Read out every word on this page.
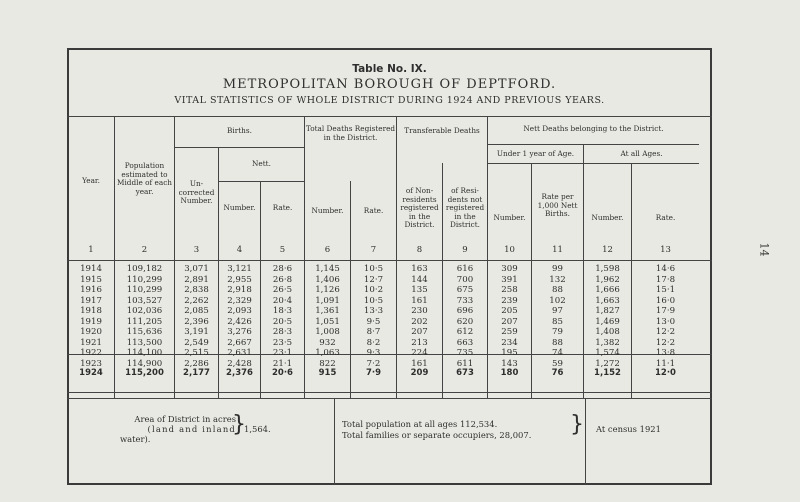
Table No. IX.
METROPOLITAN BOROUGH OF DEPTFORD.
VITAL STATISTICS OF WHOLE DISTRICT DURING 1924 AND PREVIOUS YEARS.
Year.
Population estimated to Middle of each year.
Births.
Un- corrected Number.
Nett.
Number.	Rate.
Total Deaths Registered in the District.
Number.	Rate.
Transferable Deaths
of Non- residents registered in the District.
of Resi- dents not registered in the District.
Nett Deaths belonging to the District.
Under 1 year of Age.	At all Ages.
Number.
Rate per 1,000 Nett Births.	Number.	Rate.
1	2	3	4	5	6	7	8	9	10	11	12	13
1914	109,182	3,071	3,121	28·6	1,145	10·5	163	616	309	99	1,598	14·6
1915	110,299	2,891	2,955	26·8	1,406	12·7	144	700	391	132	1,962	17·8
1916	110,299	2,838	2,918	26·5	1,126	10·2	135	675	258	88	1,666	15·1
1917	103,527	2,262	2,329	20·4	1,091	10·5	161	733	239	102	1,663	16·0
1918	102,036	2,085	2,093	18·3	1,361	13·3	230	696	205	97	1,827	17·9
1919	111,205	2,396	2,426	20·5	1,051	9·5	202	620	207	85	1,469	13·0
1920	115,636	3,191	3,276	28·3	1,008	8·7	207	612	259	79	1,408	12·2
1921	113,500	2,549	2,667	23·5	932	8·2	213	663	234	88	1,382	12·2
1922	114,100	2,515	2,631	23·1	1,063	9·3	224	735	195	74	1,574	13·8
1923	114,900	2,286	2,428	21·1	822	7·2	161	611	143	59	1,272	11·1
1924	115,200	2,177	2,376	20·6	915	7·9	209	673	180	76	1,152	12·0
Area of District in acres
(land and inland
water).
}
1,564.	Total population at all ages 112,534.
Total families or separate occupiers, 28,007. } At census 1921
14
